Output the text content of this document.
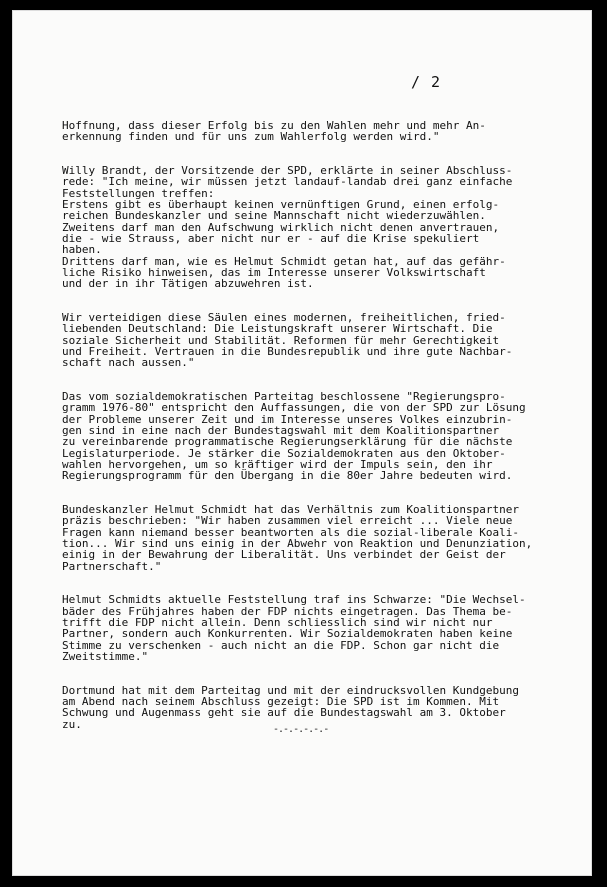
/ 2
Hoffnung, dass dieser Erfolg bis zu den Wahlen mehr und mehr An-
erkennung finden und für uns zum Wahlerfolg werden wird."
Willy Brandt, der Vorsitzende der SPD, erklärte in seiner Abschluss-
rede: "Ich meine, wir müssen jetzt landauf-landab drei ganz einfache
Feststellungen treffen:
Erstens gibt es überhaupt keinen vernünftigen Grund, einen erfolg-
reichen Bundeskanzler und seine Mannschaft nicht wiederzuwählen.
Zweitens darf man den Aufschwung wirklich nicht denen anvertrauen,
die - wie Strauss, aber nicht nur er - auf die Krise spekuliert
haben.
Drittens darf man, wie es Helmut Schmidt getan hat, auf das gefähr-
liche Risiko hinweisen, das im Interesse unserer Volkswirtschaft
und der in ihr Tätigen abzuwehren ist.
Wir verteidigen diese Säulen eines modernen, freiheitlichen, fried-
liebenden Deutschland: Die Leistungskraft unserer Wirtschaft. Die
soziale Sicherheit und Stabilität. Reformen für mehr Gerechtigkeit
und Freiheit. Vertrauen in die Bundesrepublik und ihre gute Nachbar-
schaft nach aussen."
Das vom sozialdemokratischen Parteitag beschlossene "Regierungspro-
gramm 1976-80" entspricht den Auffassungen, die von der SPD zur Lösung
der Probleme unserer Zeit und im Interesse unseres Volkes einzubrin-
gen sind in eine nach der Bundestagswahl mit dem Koalitionspartner
zu vereinbarende programmatische Regierungserklärung für die nächste
Legislaturperiode. Je stärker die Sozialdemokraten aus den Oktober-
wahlen hervorgehen, um so kräftiger wird der Impuls sein, den ihr
Regierungsprogramm für den Übergang in die 80er Jahre bedeuten wird.
Bundeskanzler Helmut Schmidt hat das Verhältnis zum Koalitionspartner
präzis beschrieben: "Wir haben zusammen viel erreicht ... Viele neue
Fragen kann niemand besser beantworten als die sozial-liberale Koali-
tion... Wir sind uns einig in der Abwehr von Reaktion und Denunziation,
einig in der Bewahrung der Liberalität. Uns verbindet der Geist der
Partnerschaft."
Helmut Schmidts aktuelle Feststellung traf ins Schwarze: "Die Wechsel-
bäder des Frühjahres haben der FDP nichts eingetragen. Das Thema be-
trifft die FDP nicht allein. Denn schliesslich sind wir nicht nur
Partner, sondern auch Konkurrenten. Wir Sozialdemokraten haben keine
Stimme zu verschenken - auch nicht an die FDP. Schon gar nicht die
Zweitstimme."
Dortmund hat mit dem Parteitag und mit der eindrucksvollen Kundgebung
am Abend nach seinem Abschluss gezeigt: Die SPD ist im Kommen. Mit
Schwung und Augenmass geht sie auf die Bundestagswahl am 3. Oktober
zu.	-.-.-.-.-.-
